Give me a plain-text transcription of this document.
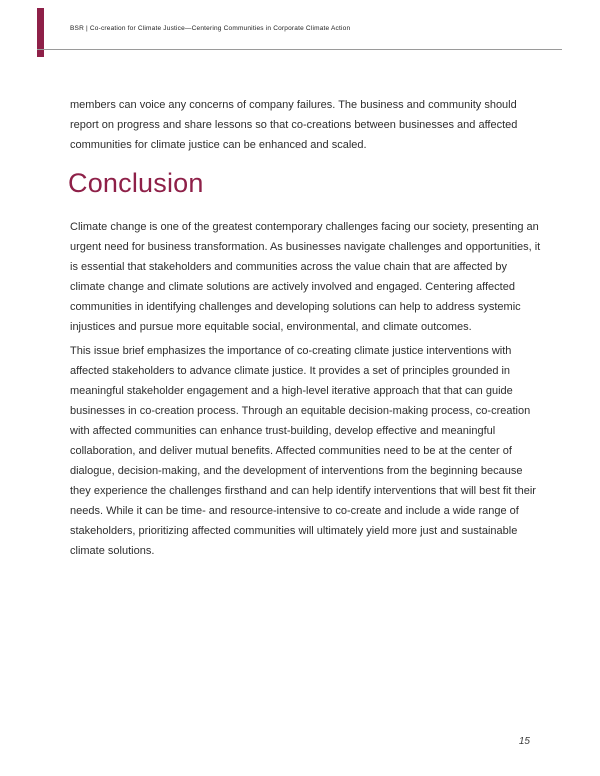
BSR | Co-creation for Climate Justice—Centering Communities in Corporate Climate Action

members can voice any concerns of company failures. The business and community should report on progress and share lessons so that co-creations between businesses and affected communities for climate justice can be enhanced and scaled.

Conclusion

Climate change is one of the greatest contemporary challenges facing our society, presenting an urgent need for business transformation. As businesses navigate challenges and opportunities, it is essential that stakeholders and communities across the value chain that are affected by climate change and climate solutions are actively involved and engaged. Centering affected communities in identifying challenges and developing solutions can help to address systemic injustices and pursue more equitable social, environmental, and climate outcomes.

This issue brief emphasizes the importance of co-creating climate justice interventions with affected stakeholders to advance climate justice. It provides a set of principles grounded in meaningful stakeholder engagement and a high-level iterative approach that that can guide businesses in co-creation process. Through an equitable decision-making process, co-creation with affected communities can enhance trust-building, develop effective and meaningful collaboration, and deliver mutual benefits. Affected communities need to be at the center of dialogue, decision-making, and the development of interventions from the beginning because they experience the challenges firsthand and can help identify interventions that will best fit their needs. While it can be time- and resource-intensive to co-create and include a wide range of stakeholders, prioritizing affected communities will ultimately yield more just and sustainable climate solutions.

15
